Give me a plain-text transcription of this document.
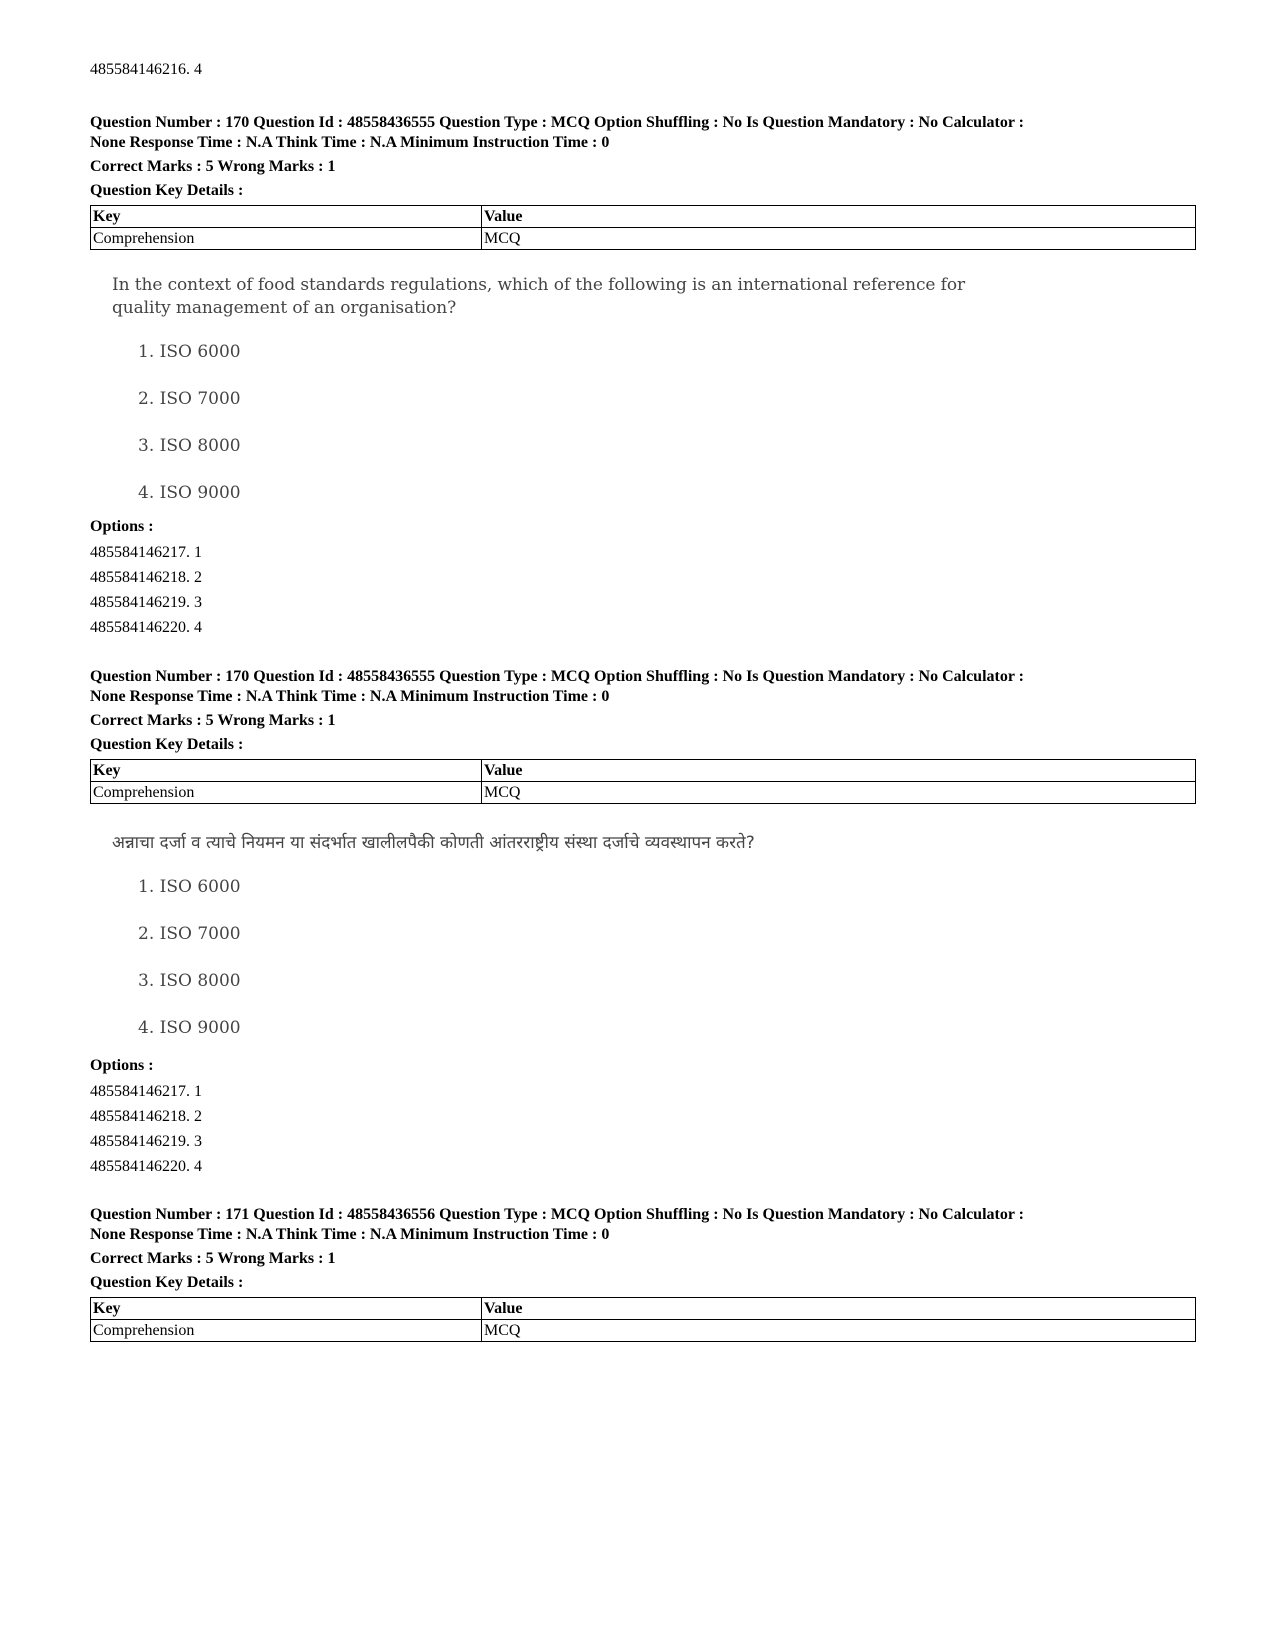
485584146216. 4
Question Number : 170 Question Id : 48558436555 Question Type : MCQ Option Shuffling : No Is Question Mandatory : No Calculator :
None Response Time : N.A Think Time : N.A Minimum Instruction Time : 0
Correct Marks : 5 Wrong Marks : 1
Question Key Details :
Key	Value
Comprehension	MCQ
In the context of food standards regulations, which of the following is an international reference for quality management of an organisation?
1. ISO 6000
2. ISO 7000
3. ISO 8000
4. ISO 9000
Options :
485584146217. 1
485584146218. 2
485584146219. 3
485584146220. 4
Question Number : 170 Question Id : 48558436555 Question Type : MCQ Option Shuffling : No Is Question Mandatory : No Calculator :
None Response Time : N.A Think Time : N.A Minimum Instruction Time : 0
Correct Marks : 5 Wrong Marks : 1
Question Key Details :
Key	Value
Comprehension	MCQ
अन्नाचा दर्जा व त्याचे नियमन या संदर्भात खालीलपैकी कोणती आंतरराष्ट्रीय संस्था दर्जाचे व्यवस्थापन करते?
1. ISO 6000
2. ISO 7000
3. ISO 8000
4. ISO 9000
Options :
485584146217. 1
485584146218. 2
485584146219. 3
485584146220. 4
Question Number : 171 Question Id : 48558436556 Question Type : MCQ Option Shuffling : No Is Question Mandatory : No Calculator :
None Response Time : N.A Think Time : N.A Minimum Instruction Time : 0
Correct Marks : 5 Wrong Marks : 1
Question Key Details :
Key	Value
Comprehension	MCQ
